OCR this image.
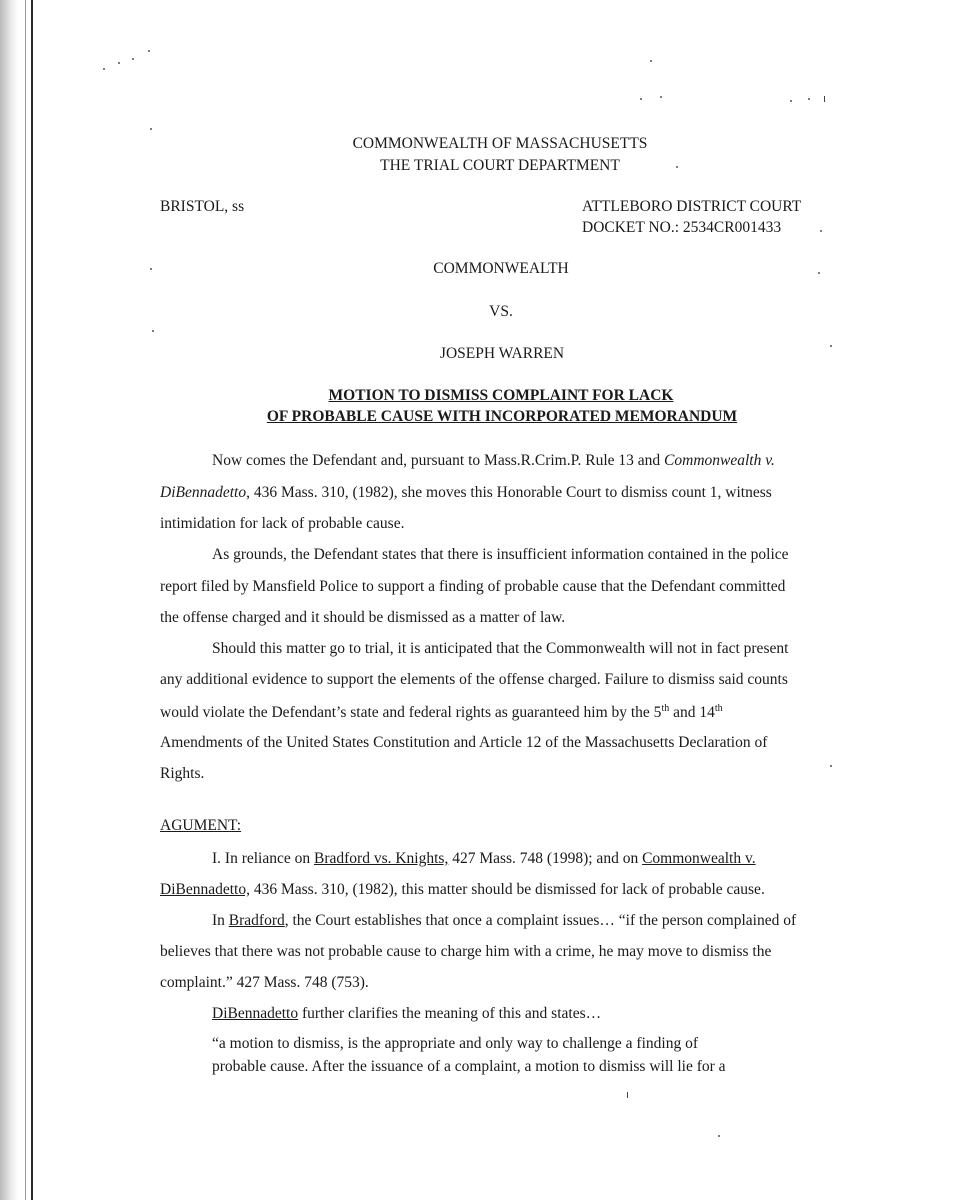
COMMONWEALTH OF MASSACHUSETTS

THE TRIAL COURT DEPARTMENT

BRISTOL, ss	ATTLEBORO DISTRICT COURT

DOCKET NO.: 2534CR001433

COMMONWEALTH

VS.

JOSEPH WARREN

MOTION TO DISMISS COMPLAINT FOR LACK

OF PROBABLE CAUSE WITH INCORPORATED MEMORANDUM

Now comes the Defendant and, pursuant to Mass.R.Crim.P. Rule 13 and Commonwealth v.

DiBennadetto, 436 Mass. 310, (1982), she moves this Honorable Court to dismiss count 1, witness

intimidation for lack of probable cause.

As grounds, the Defendant states that there is insufficient information contained in the police

report filed by Mansfield Police to support a finding of probable cause that the Defendant committed

the offense charged and it should be dismissed as a matter of law.

Should this matter go to trial, it is anticipated that the Commonwealth will not in fact present

any additional evidence to support the elements of the offense charged. Failure to dismiss said counts

would violate the Defendant’s state and federal rights as guaranteed him by the 5th and 14th

Amendments of the United States Constitution and Article 12 of the Massachusetts Declaration of

Rights.

AGUMENT:

I. In reliance on Bradford vs. Knights, 427 Mass. 748 (1998); and on Commonwealth v.

DiBennadetto, 436 Mass. 310, (1982), this matter should be dismissed for lack of probable cause.

In Bradford, the Court establishes that once a complaint issues… “if the person complained of

believes that there was not probable cause to charge him with a crime, he may move to dismiss the

complaint.” 427 Mass. 748 (753).

DiBennadetto further clarifies the meaning of this and states…

“a motion to dismiss, is the appropriate and only way to challenge a finding of

probable cause. After the issuance of a complaint, a motion to dismiss will lie for a
